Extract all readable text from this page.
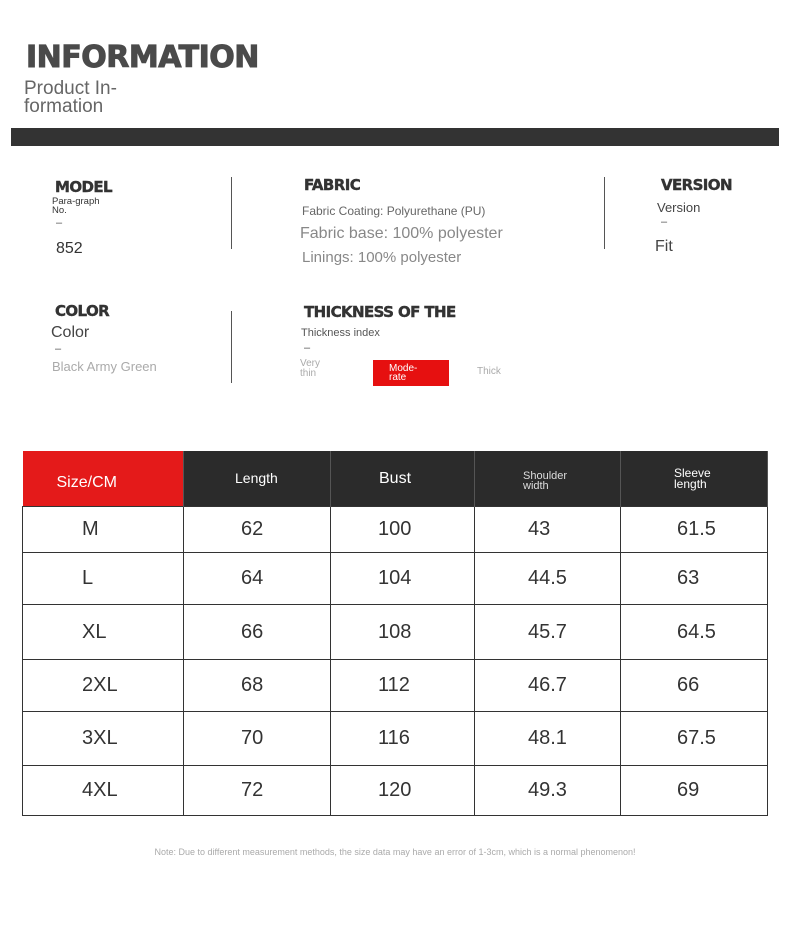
INFORMATION
Product In-formation
MODEL
Para-graph No.
–
852
FABRIC
Fabric Coating: Polyurethane (PU)
Fabric base: 100% polyester
Linings: 100% polyester
VERSION
Version
–
Fit
COLOR
Color
–
Black Army Green
THICKNESS OF THE
Thickness index
–
Very thin	Mode-rate
Thick
Size/CM	Length	Bust	Shoulder width	Sleeve length

M	62	100	43	61.5
L	64	104	44.5	63
XL	66	108	45.7	64.5
2XL	68	112	46.7	66
3XL	70	116	48.1	67.5
4XL	72	120	49.3	69
Note: Due to different measurement methods, the size data may have an error of 1-3cm, which is a normal phenomenon!
